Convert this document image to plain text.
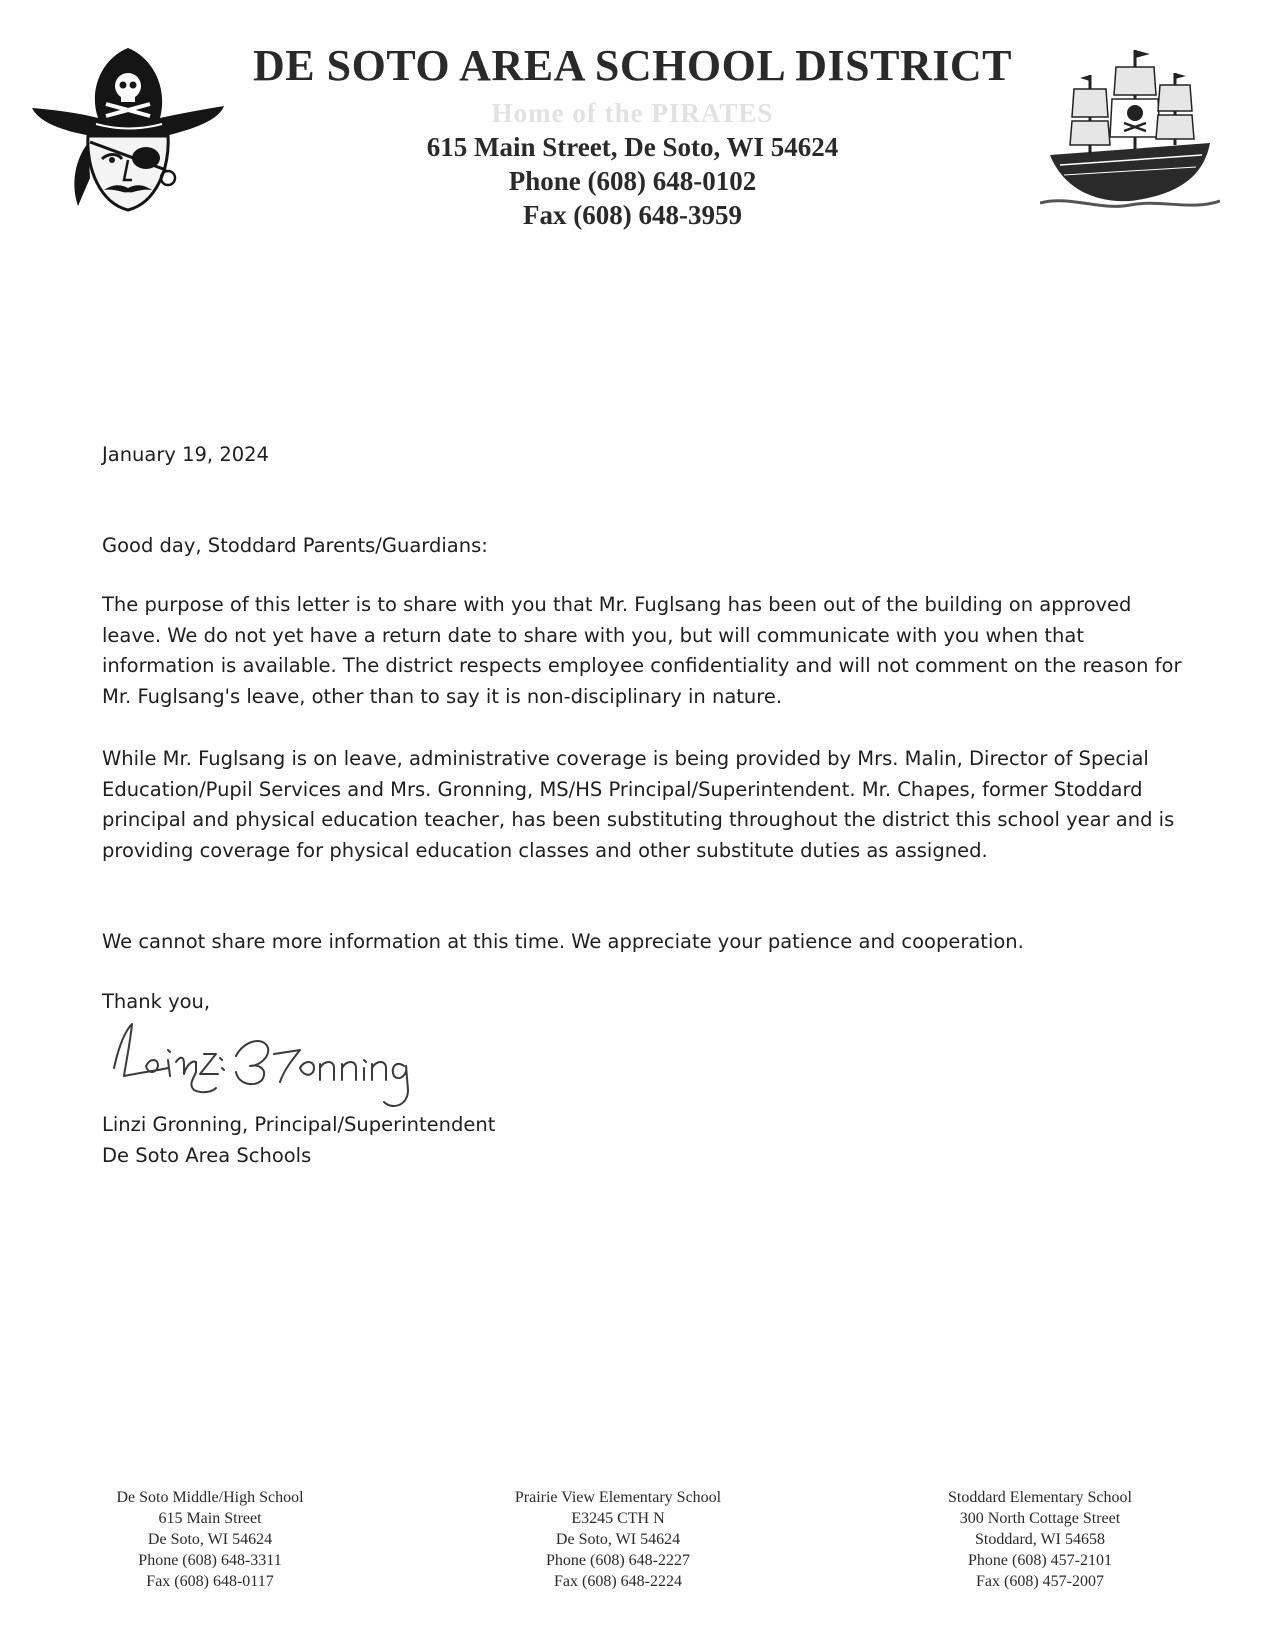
DE SOTO AREA SCHOOL DISTRICT
Home of the PIRATES
615 Main Street, De Soto, WI 54624
Phone (608) 648-0102
Fax (608) 648-3959
January 19, 2024
Good day, Stoddard Parents/Guardians:
The purpose of this letter is to share with you that Mr. Fuglsang has been out of the building on approved leave. We do not yet have a return date to share with you, but will communicate with you when that information is available. The district respects employee confidentiality and will not comment on the reason for Mr. Fuglsang's leave, other than to say it is non-disciplinary in nature.
While Mr. Fuglsang is on leave, administrative coverage is being provided by Mrs. Malin, Director of Special Education/Pupil Services and Mrs. Gronning, MS/HS Principal/Superintendent. Mr. Chapes, former Stoddard principal and physical education teacher, has been substituting throughout the district this school year and is providing coverage for physical education classes and other substitute duties as assigned.
We cannot share more information at this time. We appreciate your patience and cooperation.
Thank you,
Linzi Gronning, Principal/Superintendent
De Soto Area Schools
De Soto Middle/High School
615 Main Street
De Soto, WI 54624
Phone (608) 648-3311
Fax (608) 648-0117
Prairie View Elementary School
E3245 CTH N
De Soto, WI 54624
Phone (608) 648-2227
Fax (608) 648-2224
Stoddard Elementary School
300 North Cottage Street
Stoddard, WI 54658
Phone (608) 457-2101
Fax (608) 457-2007
